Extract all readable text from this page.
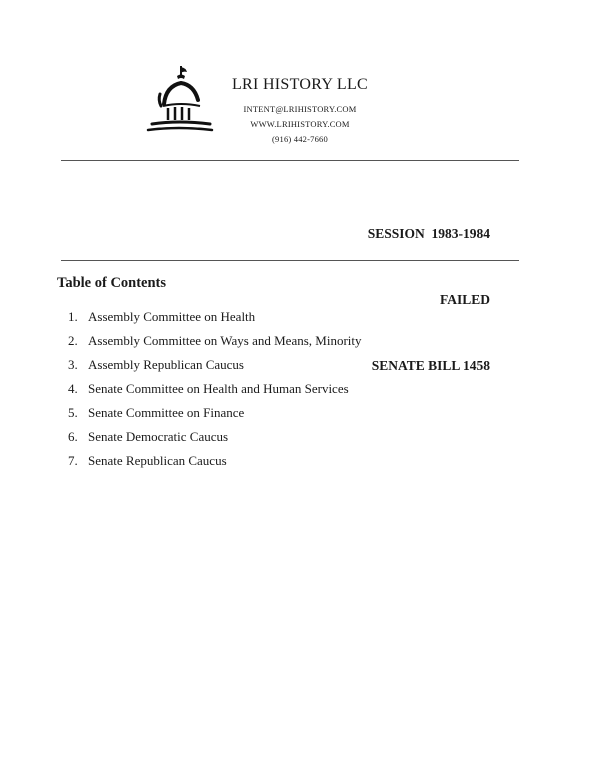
LRI HISTORY LLC
INTENT@LRIHISTORY.COM
WWW.LRIHISTORY.COM
(916) 442-7660

SESSION  1983-1984

FAILED

SENATE BILL 1458

Table of Contents
1. Assembly Committee on Health
2. Assembly Committee on Ways and Means, Minority
3. Assembly Republican Caucus
4. Senate Committee on Health and Human Services
5. Senate Committee on Finance
6. Senate Democratic Caucus
7. Senate Republican Caucus
